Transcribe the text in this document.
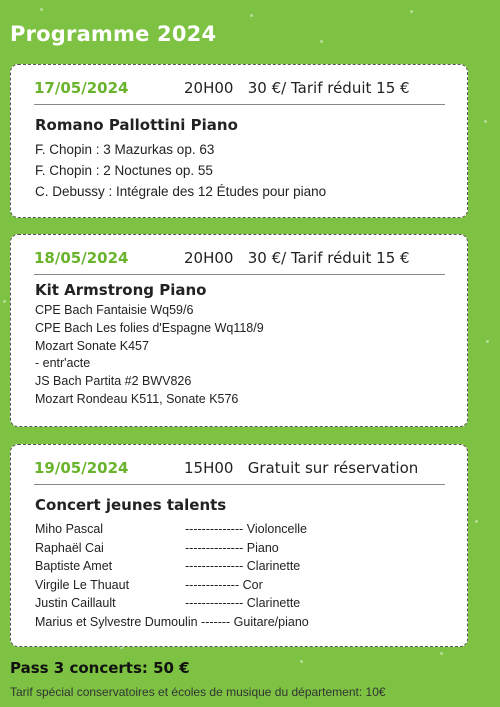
Programme 2024
17/05/2024	20H00 30 €/ Tarif réduit 15 €
Romano Pallottini Piano
F. Chopin : 3 Mazurkas op. 63
F. Chopin : 2 Noctunes op. 55
C. Debussy : Intégrale des 12 Études pour piano
18/05/2024	20H00 30 €/ Tarif réduit 15 €
Kit Armstrong Piano
CPE Bach Fantaisie Wq59/6
CPE Bach Les folies d'Espagne Wq118/9
Mozart Sonate K457
- entr'acte
JS Bach Partita #2 BWV826
Mozart Rondeau K511, Sonate K576
19/05/2024	15H00 Gratuit sur réservation
Concert jeunes talents
Miho Pascal	-------------- Violoncelle
Raphaël Cai	-------------- Piano
Baptiste Amet	-------------- Clarinette
Virgile Le Thuaut	------------- Cor
Justin Caillault	-------------- Clarinette
Marius et Sylvestre Dumoulin ------- Guitare/piano

Pass 3 concerts: 50 €

Tarif spécial conservatoires et écoles de musique du département: 10€
